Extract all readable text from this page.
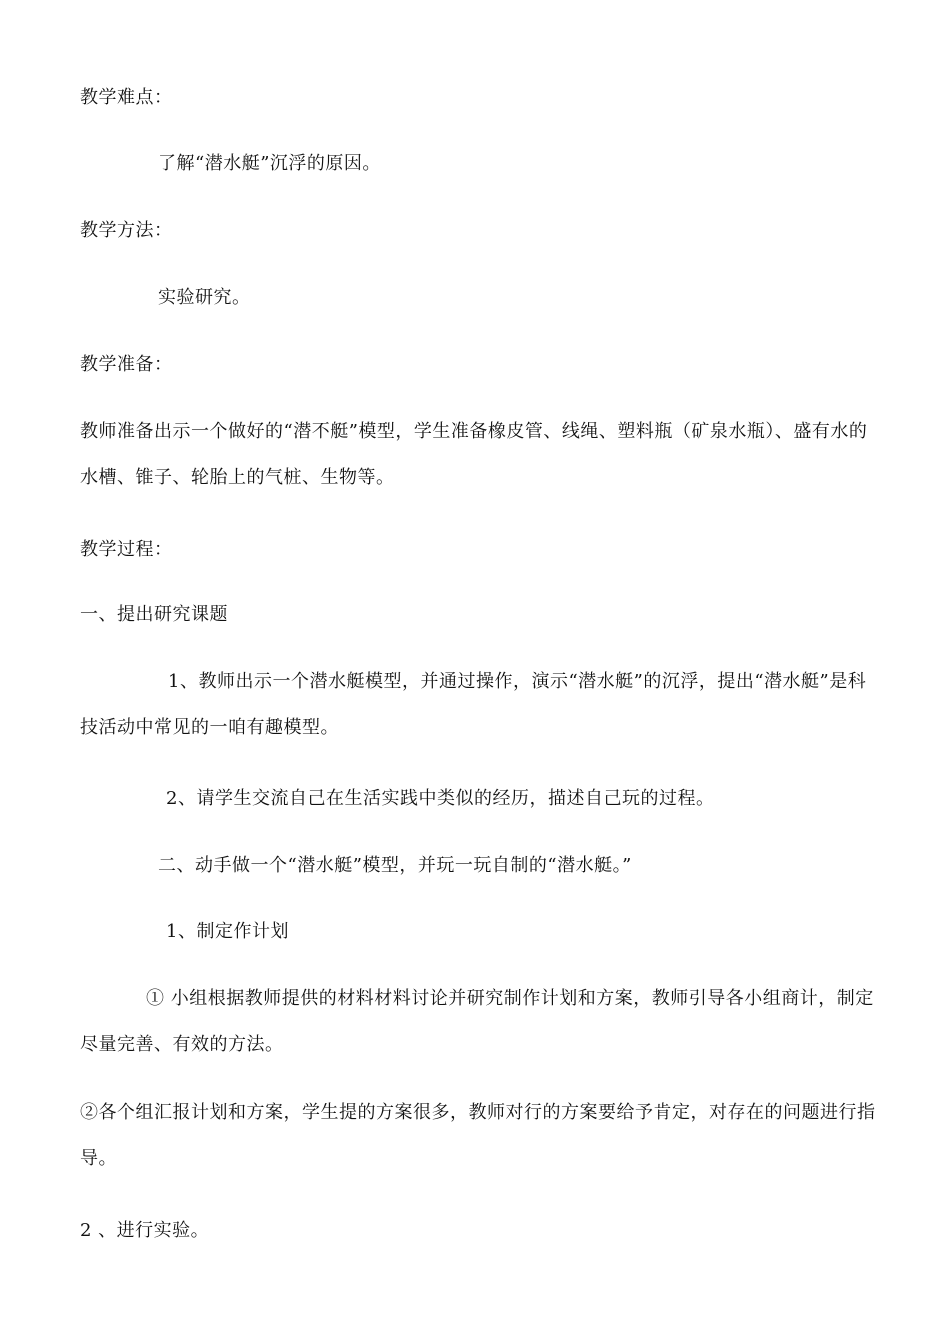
教学难点：
了解“潜水艇”沉浮的原因。
教学方法：
实验研究。
教学准备：
教师准备出示一个做好的“潜不艇”模型，学生准备橡皮管、线绳、塑料瓶（矿泉水瓶）、盛有水的水槽、锥子、轮胎上的气桩、生物等。
教学过程：
一、提出研究课题
1、教师出示一个潜水艇模型，并通过操作，演示“潜水艇”的沉浮，提出“潜水艇”是科技活动中常见的一咱有趣模型。
2、请学生交流自己在生活实践中类似的经历，描述自己玩的过程。
二、动手做一个“潜水艇”模型，并玩一玩自制的“潜水艇。”
1、制定作计划
① 小组根据教师提供的材料材料讨论并研究制作计划和方案，教师引导各小组商计，制定尽量完善、有效的方法。
②各个组汇报计划和方案，学生提的方案很多，教师对行的方案要给予肯定，对存在的问题进行指导。
2 、进行实验。
